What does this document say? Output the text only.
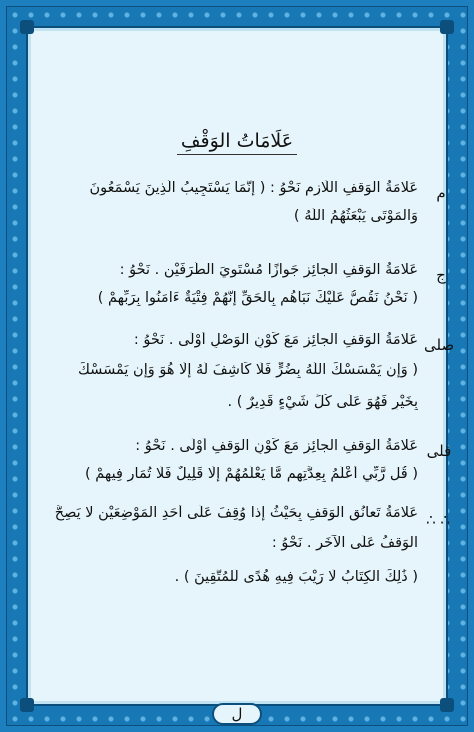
عَلَامَاتُ الوَقْفِ
م
عَلامَةُ الوَقفِ اللّازِمِ نَحْوُ : ( إِنَّمَا يَسْتَجِيبُ الَّذِينَ يَسْمَعُونَ
وَالْمَوْتَى يَبْعَثُهُمُ اللَّهُ )
ج
عَلامَةُ الوَقفِ الجائِزِ جَوازًا مُسْتَوِيَ الطَّرَفَيْنِ . نَحْوُ :
( نَحْنُ نَقُصُّ عَلَيْكَ نَبَأَهُم بِالْحَقِّ إِنَّهُمْ فِتْيَةٌ ءَامَنُوا بِرَبِّهِمْ )
صلى
عَلامَةُ الوَقفِ الجائِزِ مَعَ كَوْنِ الوَصْلِ أَوْلَى . نَحْوُ :
( وَإِن يَمْسَسْكَ اللَّهُ بِضُرٍّ فَلَا كَاشِفَ لَهُ إِلَّا هُوَ وَإِن يَمْسَسْكَ
بِخَيْرٍ فَهُوَ عَلَى كُلِّ شَيْءٍ قَدِيرٌ ) .
قلى
عَلامَةُ الوَقفِ الجائِزِ مَعَ كَوْنِ الوَقفِ أَوْلَى . نَحْوُ :
( قُل رَّبِّي أَعْلَمُ بِعِدَّتِهِم مَّا يَعْلَمُهُمْ إِلَّا قَلِيلٌ فَلَا تُمَارِ فِيهِمْ )
∴ ∴
عَلامَةُ تَعانُقِ الوَقفِ بِحَيْثُ إِذا وُقِفَ عَلَى أَحَدِ المَوْضِعَيْنِ لا يَصِحُّ
الوَقفُ عَلَى الآخَرِ . نَحْوُ :
( ذَٰلِكَ الْكِتَابُ لَا رَيْبَ فِيهِ هُدًى لِّلْمُتَّقِينَ ) .
ل
